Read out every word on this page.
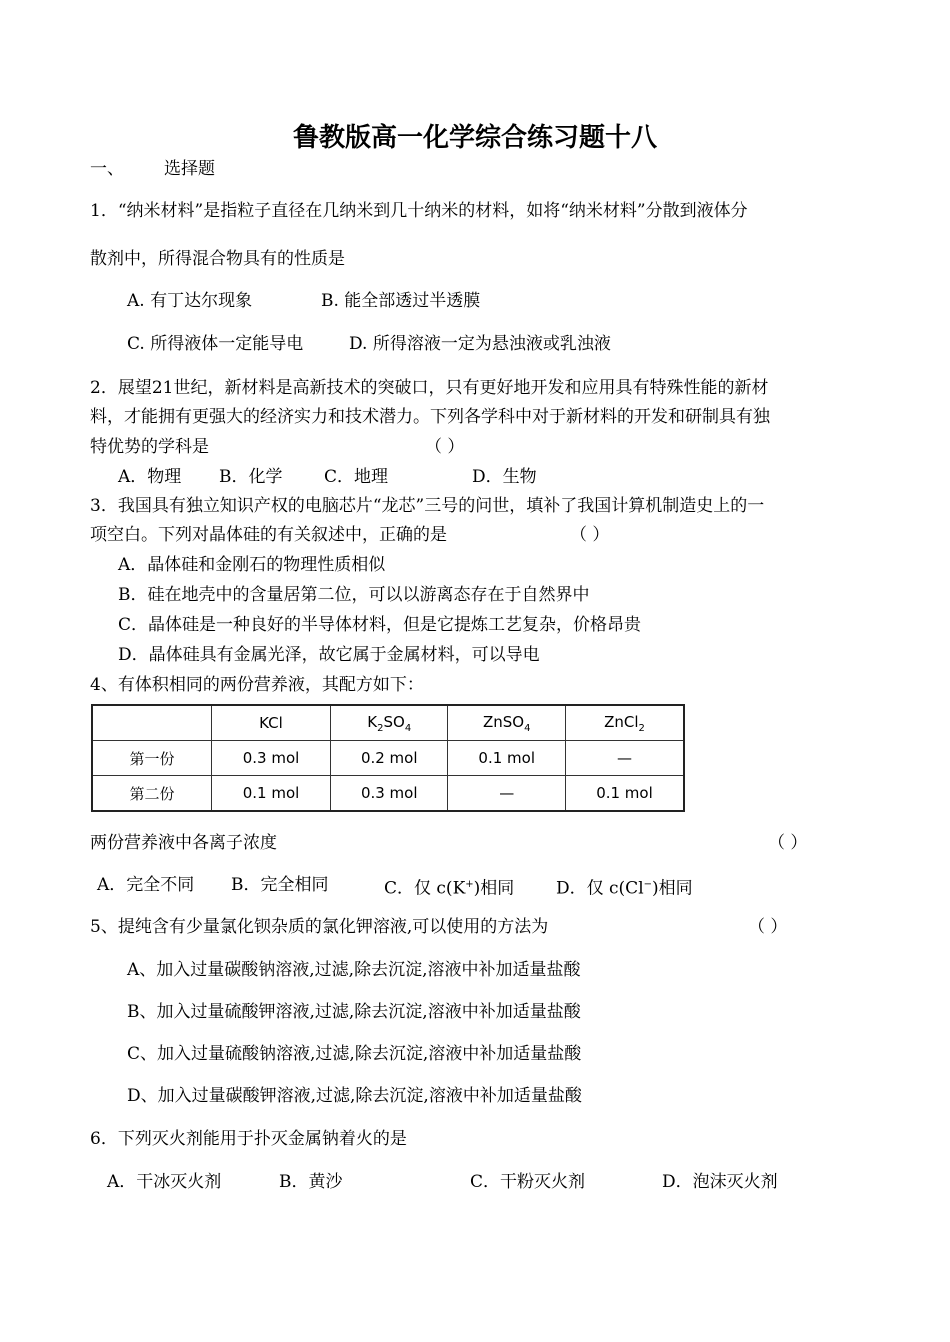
鲁教版高一化学综合练习题十八
一、 选择题
1．“纳米材料”是指粒子直径在几纳米到几十纳米的材料，如将“纳米材料”分散到液体分
散剂中，所得混合物具有的性质是
A. 有丁达尔现象	B. 能全部透过半透膜
C. 所得液体一定能导电	D. 所得溶液一定为悬浊液或乳浊液
2．展望21世纪，新材料是高新技术的突破口，只有更好地开发和应用具有特殊性能的新材
料，才能拥有更强大的经济实力和技术潜力。下列各学科中对于新材料的开发和研制具有独
特优势的学科是	（ ）
A．物理 B．化学 C．地理	D．生物
3．我国具有独立知识产权的电脑芯片“龙芯”三号的问世，填补了我国计算机制造史上的一
项空白。下列对晶体硅的有关叙述中，正确的是	（ ）
A．晶体硅和金刚石的物理性质相似
B．硅在地壳中的含量居第二位，可以以游离态存在于自然界中
C．晶体硅是一种良好的半导体材料，但是它提炼工艺复杂，价格昂贵
D．晶体硅具有金属光泽，故它属于金属材料，可以导电
4、有体积相同的两份营养液，其配方如下：
	KCl	$K_2SO_4$	ZnSO$_4$	ZnCl$_2$
第一份	0.3 mol	0.2 mol	0.1 mol	—
第二份	0.1 mol	0.3 mol	—	0.1 mol
两份营养液中各离子浓度	（ ）
A．完全不同 B．完全相同	C．仅 c(K+)相同 D．仅 c(Cl−)相同
5、提纯含有少量氯化钡杂质的氯化钾溶液,可以使用的方法为	（ ）
A、加入过量碳酸钠溶液,过滤,除去沉淀,溶液中补加适量盐酸
B、加入过量硫酸钾溶液,过滤,除去沉淀,溶液中补加适量盐酸
C、加入过量硫酸钠溶液,过滤,除去沉淀,溶液中补加适量盐酸
D、加入过量碳酸钾溶液,过滤,除去沉淀,溶液中补加适量盐酸
6．下列灭火剂能用于扑灭金属钠着火的是
A．干冰灭火剂	B．黄沙	C．干粉灭火剂	D．泡沫灭火剂
